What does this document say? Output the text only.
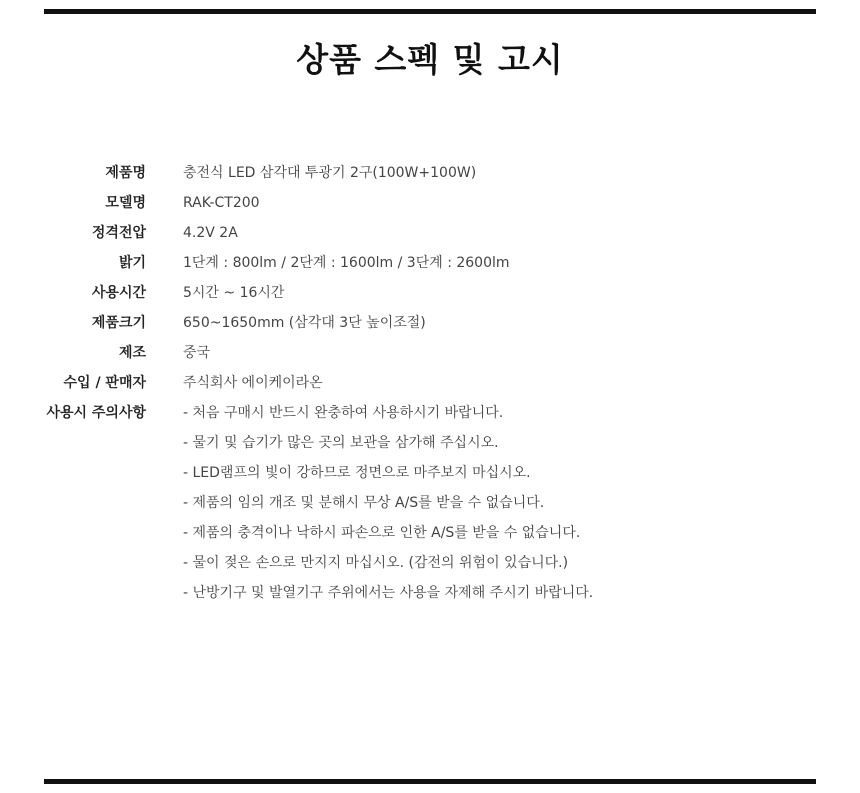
상품 스펙 및 고시
제품명	충전식 LED 삼각대 투광기 2구(100W+100W)
모델명	RAK-CT200
정격전압	4.2V 2A
밝기	1단계 : 800lm / 2단계 : 1600lm / 3단계 : 2600lm
사용시간	5시간 ~ 16시간
제품크기	650~1650mm (삼각대 3단 높이조절)
제조	중국
수입 / 판매자	주식회사 에이케이라온
사용시 주의사항	- 처음 구매시 반드시 완충하여 사용하시기 바랍니다.
- 물기 및 습기가 많은 곳의 보관을 삼가해 주십시오.
- LED램프의 빛이 강하므로 정면으로 마주보지 마십시오.
- 제품의 임의 개조 및 분해시 무상 A/S를 받을 수 없습니다.
- 제품의 충격이나 낙하시 파손으로 인한 A/S를 받을 수 없습니다.
- 물이 젖은 손으로 만지지 마십시오. (감전의 위험이 있습니다.)
- 난방기구 및 발열기구 주위에서는 사용을 자제해 주시기 바랍니다.
